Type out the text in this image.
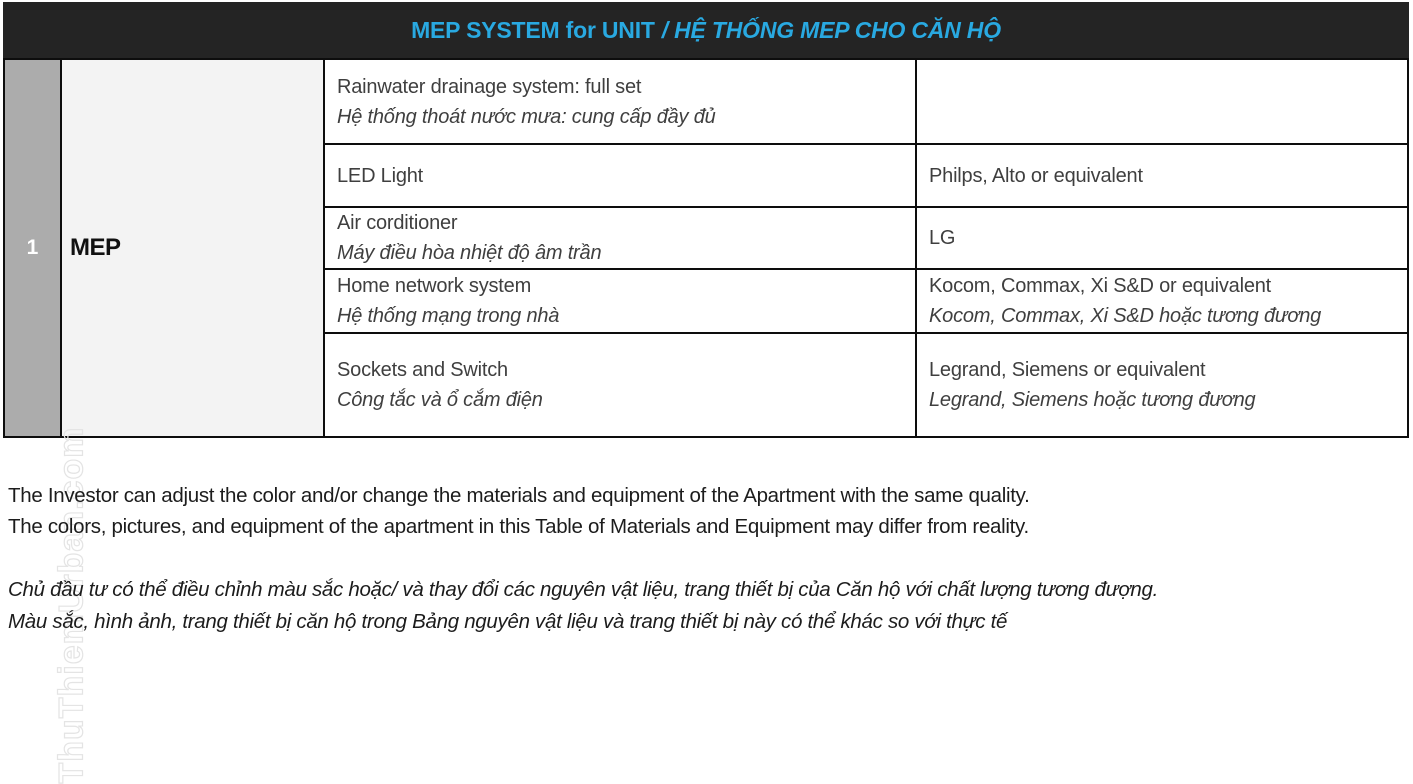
MEP SYSTEM for UNIT / HỆ THỐNG MEP CHO CĂN HỘ
ThuThiemUrban.com
1	MEP
Rainwater drainage system: full set
Hệ thống thoát nước mưa: cung cấp đầy đủ
LED Light	Philps, Alto or equivalent
Air corditioner
Máy điều hòa nhiệt độ âm trần
LG
Home network system
Hệ thống mạng trong nhà
Kocom, Commax, Xi S&D or equivalent
Kocom, Commax, Xi S&D hoặc tương đương
Sockets and Switch
Công tắc và ổ cắm điện
Legrand, Siemens or equivalent
Legrand, Siemens hoặc tương đương
The Investor can adjust the color and/or change the materials and equipment of the Apartment with the same quality.
The colors, pictures, and equipment of the apartment in this Table of Materials and Equipment may differ from reality.
Chủ đầu tư có thể điều chỉnh màu sắc hoặc/ và thay đổi các nguyên vật liệu, trang thiết bị của Căn hộ với chất lượng tương đượng.
Màu sắc, hình ảnh, trang thiết bị căn hộ trong Bảng nguyên vật liệu và trang thiết bị này có thể khác so với thực tế
